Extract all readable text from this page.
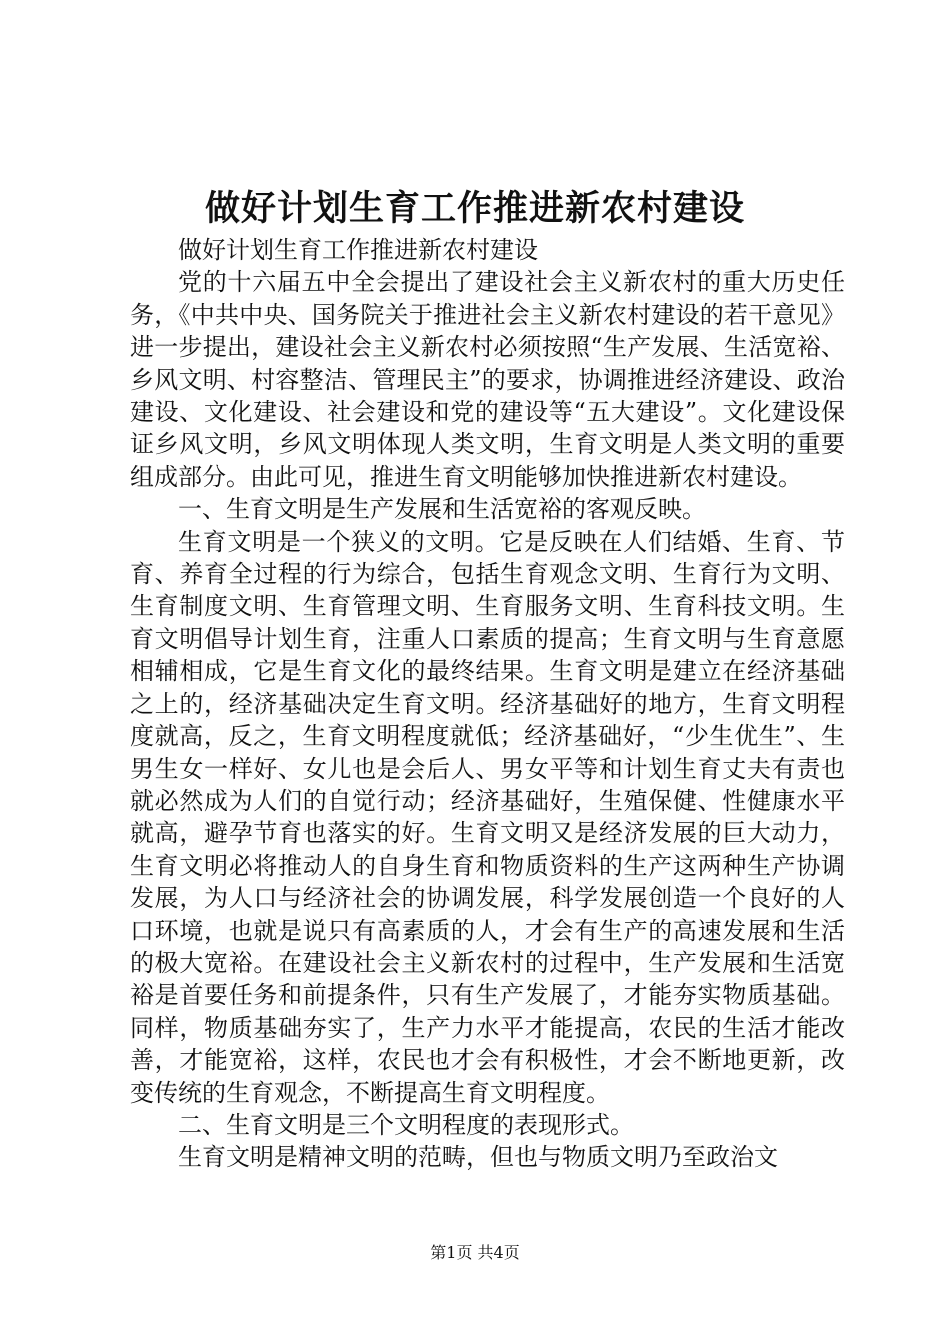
做好计划生育工作推进新农村建设

做好计划生育工作推进新农村建设

党的十六届五中全会提出了建设社会主义新农村的重大历史任务，《中共中央、国务院关于推进社会主义新农村建设的若干意见》进一步提出，建设社会主义新农村必须按照“生产发展、生活宽裕、乡风文明、村容整洁、管理民主”的要求，协调推进经济建设、政治建设、文化建设、社会建设和党的建设等“五大建设”。文化建设保证乡风文明，乡风文明体现人类文明，生育文明是人类文明的重要组成部分。由此可见，推进生育文明能够加快推进新农村建设。

一、生育文明是生产发展和生活宽裕的客观反映。

生育文明是一个狭义的文明。它是反映在人们结婚、生育、节育、养育全过程的行为综合，包括生育观念文明、生育行为文明、生育制度文明、生育管理文明、生育服务文明、生育科技文明。生育文明倡导计划生育，注重人口素质的提高；生育文明与生育意愿相辅相成，它是生育文化的最终结果。生育文明是建立在经济基础之上的，经济基础决定生育文明。经济基础好的地方，生育文明程度就高，反之，生育文明程度就低；经济基础好，“少生优生”、生男生女一样好、女儿也是会后人、男女平等和计划生育丈夫有责也就必然成为人们的自觉行动；经济基础好，生殖保健、性健康水平就高，避孕节育也落实的好。生育文明又是经济发展的巨大动力，生育文明必将推动人的自身生育和物质资料的生产这两种生产协调发展，为人口与经济社会的协调发展，科学发展创造一个良好的人口环境，也就是说只有高素质的人，才会有生产的高速发展和生活的极大宽裕。在建设社会主义新农村的过程中，生产发展和生活宽裕是首要任务和前提条件，只有生产发展了，才能夯实物质基础。同样，物质基础夯实了，生产力水平才能提高，农民的生活才能改善，才能宽裕，这样，农民也才会有积极性，才会不断地更新，改变传统的生育观念，不断提高生育文明程度。

二、生育文明是三个文明程度的表现形式。

生育文明是精神文明的范畴，但也与物质文明乃至政治文

第1页 共4页
